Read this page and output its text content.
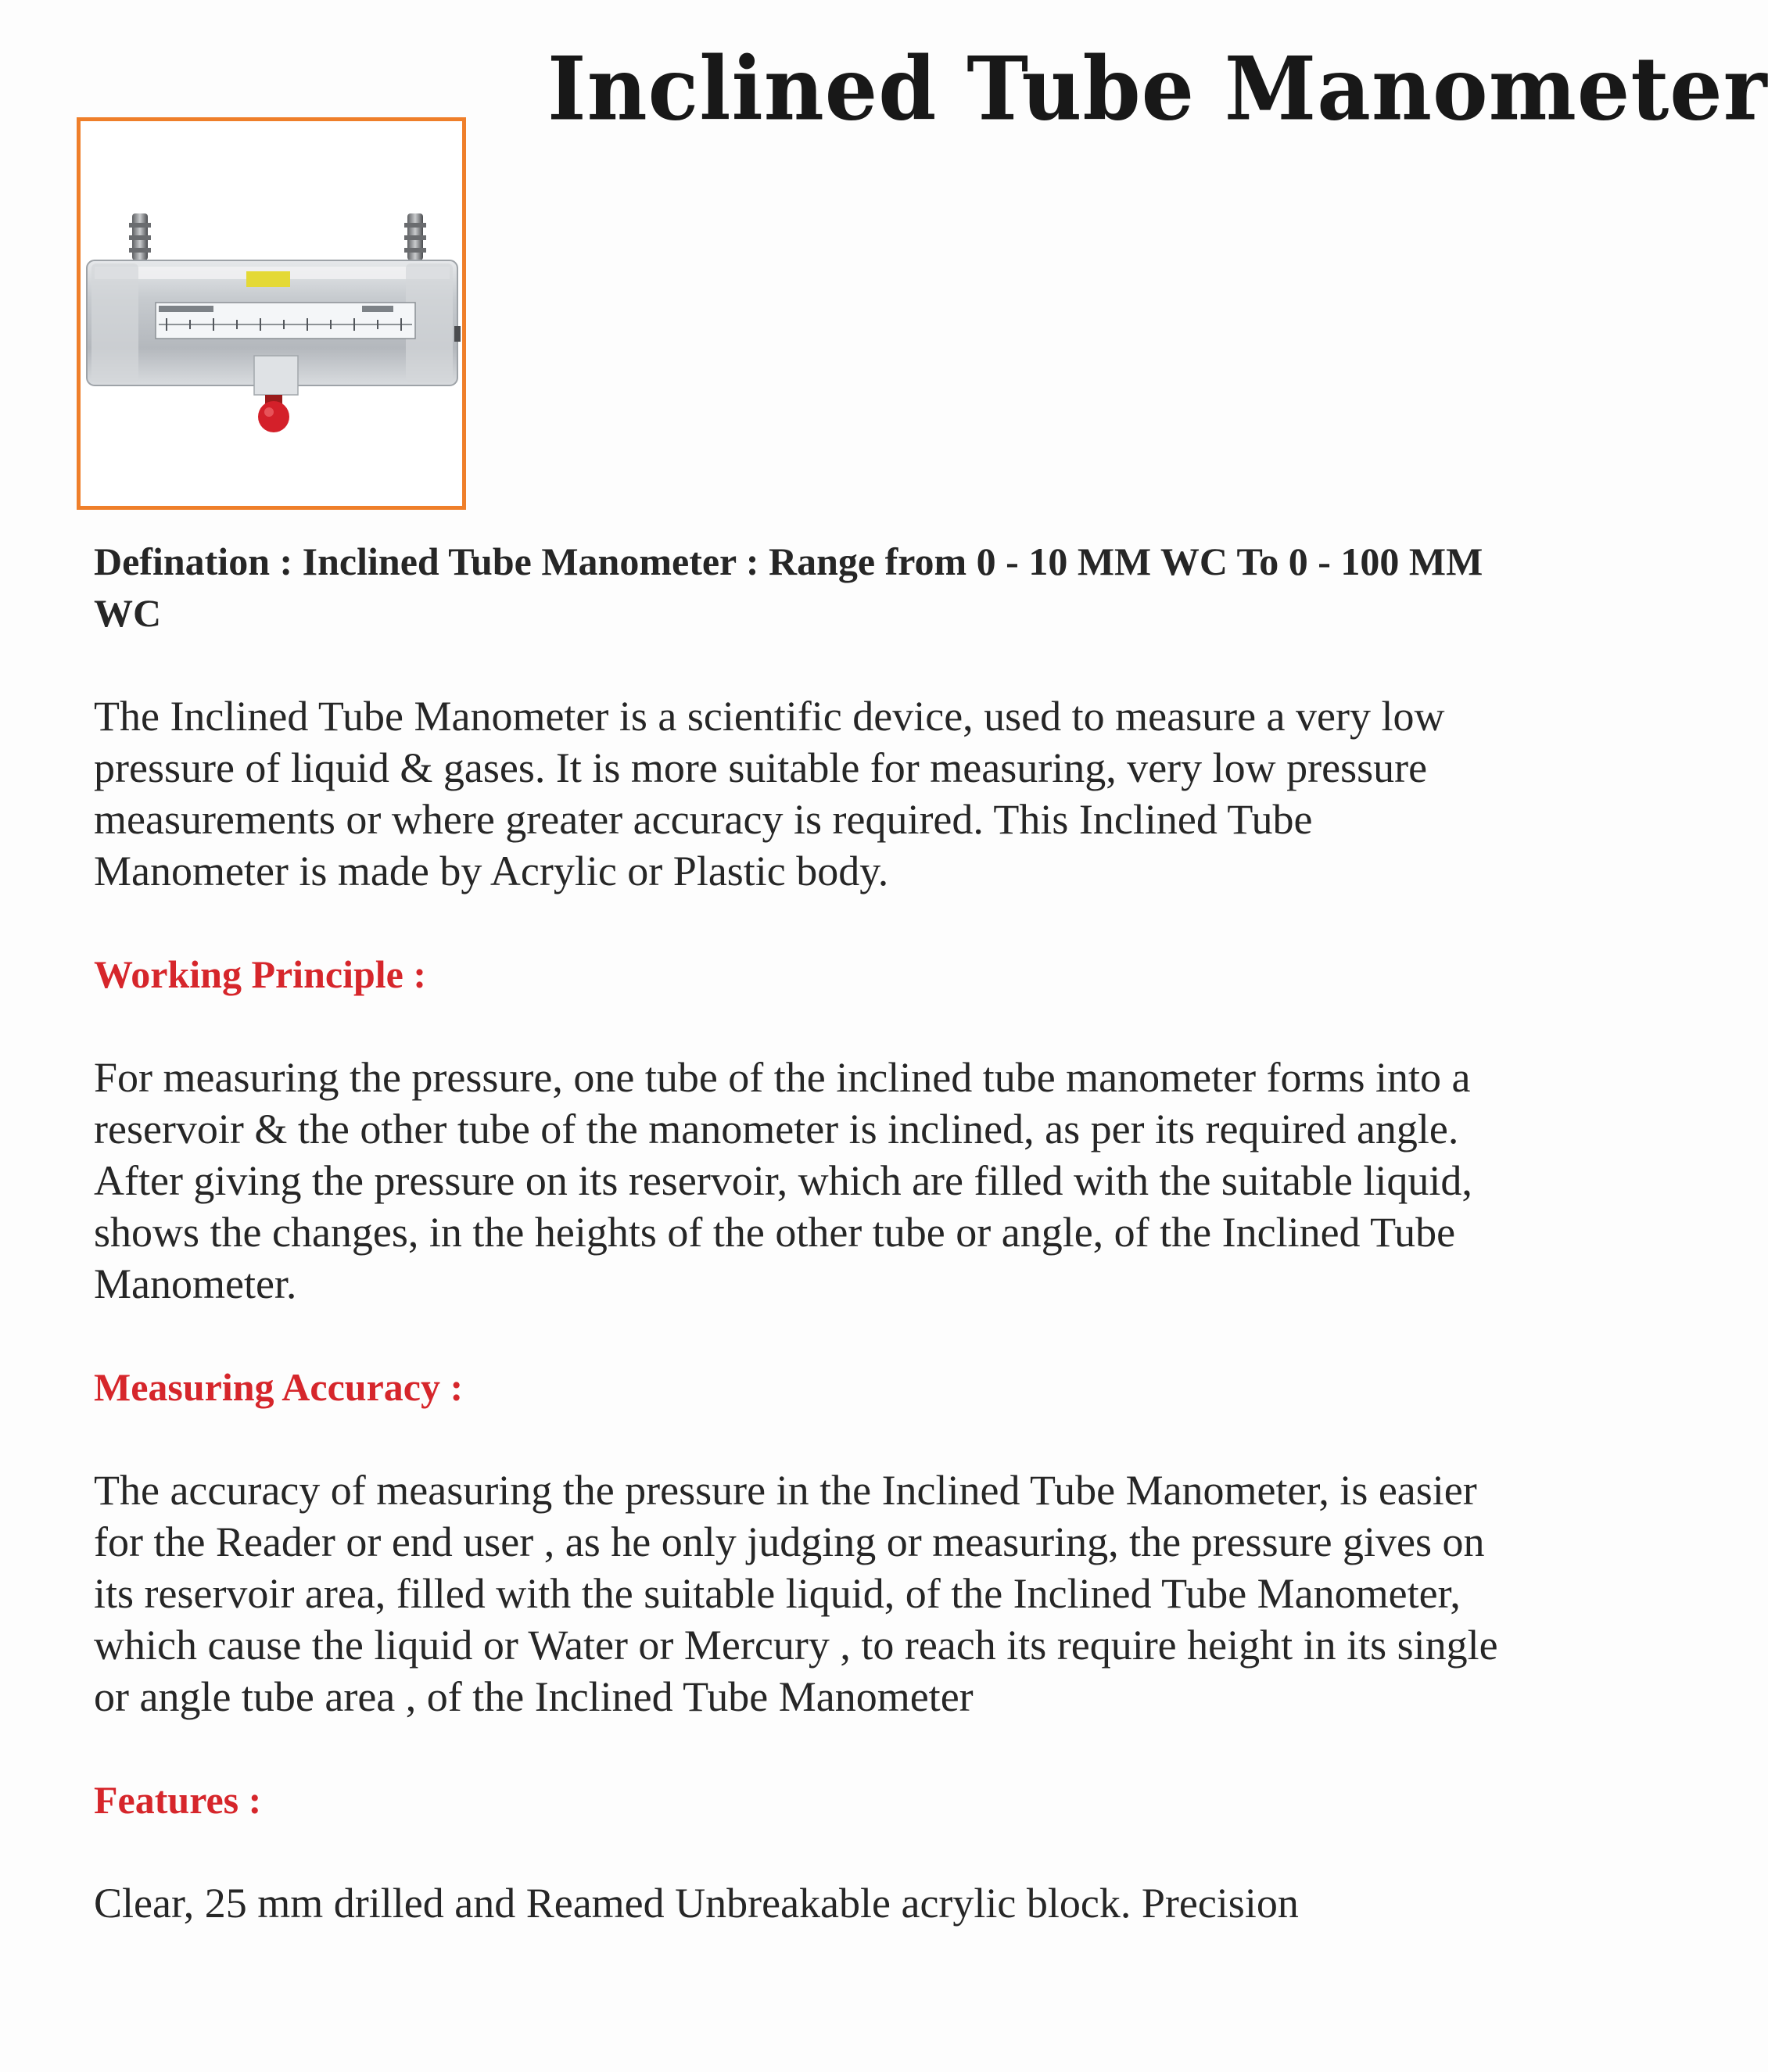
Inclined Tube Manometer

Defination : Inclined Tube Manometer : Range from 0 - 10 MM WC To 0 - 100 MM WC

The Inclined Tube Manometer is a scientific device, used to measure a very low pressure of liquid & gases. It is more suitable for measuring, very low pressure measurements or where greater accuracy is required. This Inclined Tube Manometer is made by Acrylic or Plastic body.

Working Principle :

For measuring the pressure, one tube of the inclined tube manometer forms into a reservoir & the other tube of the manometer is inclined, as per its required angle. After giving the pressure on its reservoir, which are filled with the suitable liquid, shows the changes, in the heights of the other tube or angle, of the Inclined Tube Manometer.

Measuring Accuracy :

The accuracy of measuring the pressure in the Inclined Tube Manometer, is easier for the Reader or end user , as he only judging or measuring, the pressure gives on its reservoir area, filled with the suitable liquid, of the Inclined Tube Manometer, which cause the liquid or Water or Mercury , to reach its require height in its single or angle tube area , of the Inclined Tube Manometer

Features :

Clear, 25 mm drilled and Reamed Unbreakable acrylic block. Precision
